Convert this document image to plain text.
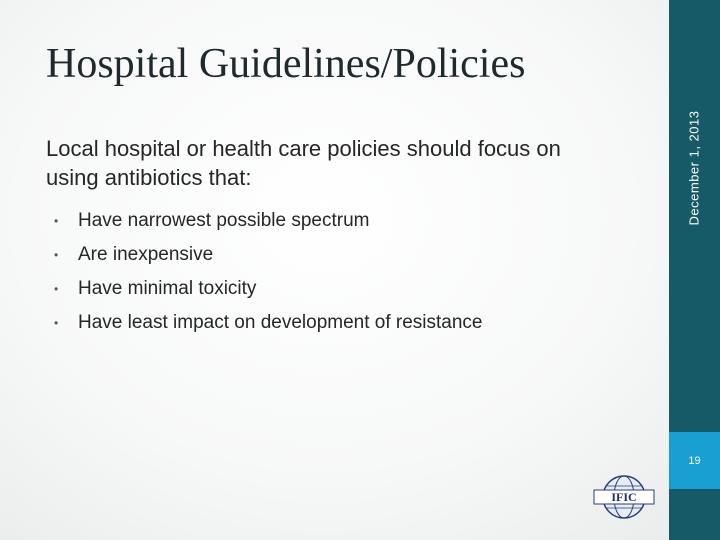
Hospital Guidelines/Policies
Local hospital or health care policies should focus on using antibiotics that:
•	Have narrowest possible spectrum
•	Are inexpensive
•	Have minimal toxicity
•	Have least impact on development of resistance
December 1, 2013
19
IFIC
